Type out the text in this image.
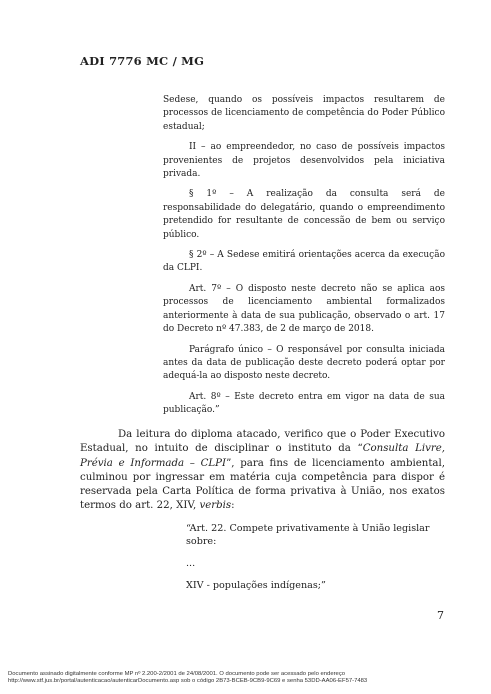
ADI 7776 MC / MG

Sedese, quando os possíveis impactos resultarem de processos de licenciamento de competência do Poder Público estadual;

II – ao empreendedor, no caso de possíveis impactos provenientes de projetos desenvolvidos pela iniciativa privada.

§ 1º – A realização da consulta será de responsabilidade do delegatário, quando o empreendimento pretendido for resultante de concessão de bem ou serviço público.

§ 2º – A Sedese emitirá orientações acerca da execução da CLPI.

Art. 7º – O disposto neste decreto não se aplica aos processos de licenciamento ambiental formalizados anteriormente à data de sua publicação, observado o art. 17 do Decreto nº 47.383, de 2 de março de 2018.

Parágrafo único – O responsável por consulta iniciada antes da data de publicação deste decreto poderá optar por adequá-la ao disposto neste decreto.

Art. 8º – Este decreto entra em vigor na data de sua publicação.”

Da leitura do diploma atacado, verifico que o Poder Executivo Estadual, no intuito de disciplinar o instituto da “Consulta Livre, Prévia e Informada – CLPI”, para fins de licenciamento ambiental, culminou por ingressar em matéria cuja competência para dispor é reservada pela Carta Política de forma privativa à União, nos exatos termos do art. 22, XIV, verbis:

“Art. 22. Compete privativamente à União legislar sobre:

...

XIV - populações indígenas;”

7
Documento assinado digitalmente conforme MP nº 2.200-2/2001 de 24/08/2001. O documento pode ser acessado pelo endereço
http://www.stf.jus.br/portal/autenticacao/autenticarDocumento.asp sob o código 2B73-BCEB-9CB9-9C69 e senha 53DD-AA06-EF57-7483
